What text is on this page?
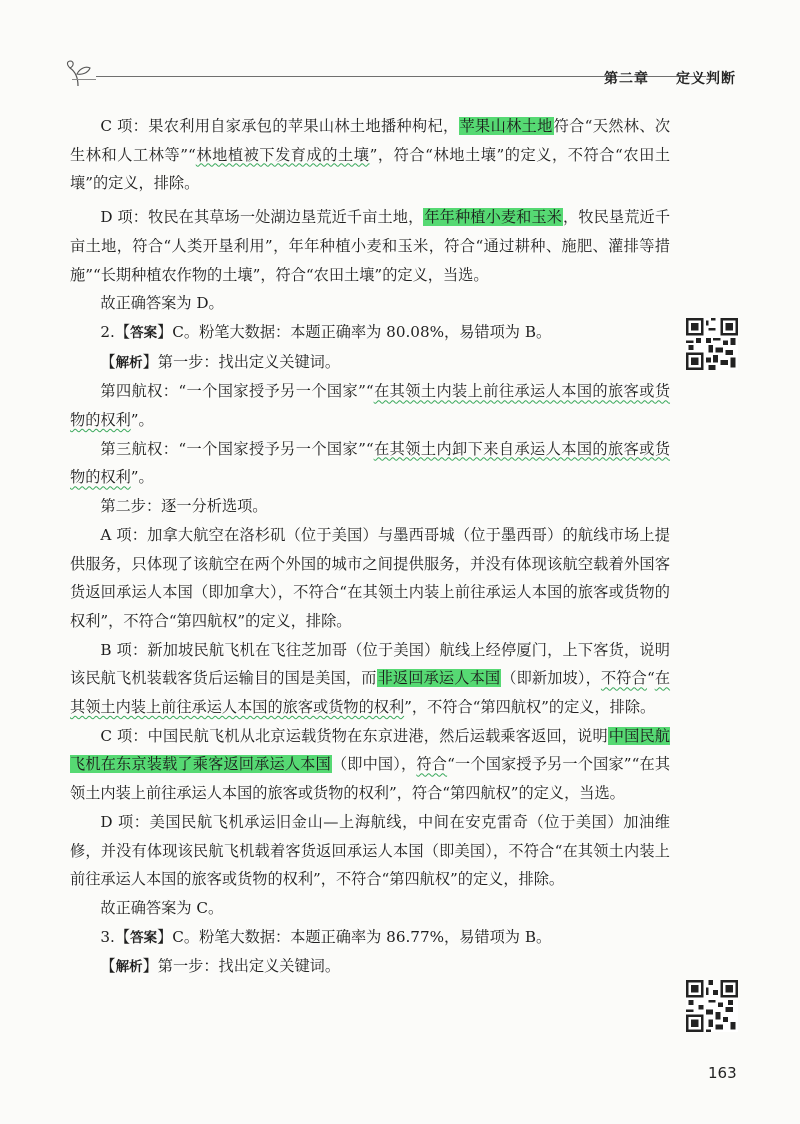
第二章 定义判断

C 项：果农利用自家承包的苹果山林土地播种枸杞，苹果山林土地符合“天然林、次生林和人工林等”“林地植被下发育成的土壤”，符合“林地土壤”的定义，不符合“农田土壤”的定义，排除。

D 项：牧民在其草场一处湖边垦荒近千亩土地，年年种植小麦和玉米，牧民垦荒近千亩土地，符合“人类开垦利用”，年年种植小麦和玉米，符合“通过耕种、施肥、灌排等措施”“长期种植农作物的土壤”，符合“农田土壤”的定义，当选。

故正确答案为 D。

2.【答案】C。粉笔大数据：本题正确率为 80.08%，易错项为 B。

【解析】第一步：找出定义关键词。

第四航权：“一个国家授予另一个国家”“在其领土内装上前往承运人本国的旅客或货物的权利”。

第三航权：“一个国家授予另一个国家”“在其领土内卸下来自承运人本国的旅客或货物的权利”。

第二步：逐一分析选项。

A 项：加拿大航空在洛杉矶（位于美国）与墨西哥城（位于墨西哥）的航线市场上提供服务，只体现了该航空在两个外国的城市之间提供服务，并没有体现该航空载着外国客货返回承运人本国（即加拿大），不符合“在其领土内装上前往承运人本国的旅客或货物的权利”，不符合“第四航权”的定义，排除。

B 项：新加坡民航飞机在飞往芝加哥（位于美国）航线上经停厦门，上下客货，说明该民航飞机装载客货后运输目的国是美国，而非返回承运人本国（即新加坡），不符合“在其领土内装上前往承运人本国的旅客或货物的权利”，不符合“第四航权”的定义，排除。

C 项：中国民航飞机从北京运载货物在东京进港，然后运载乘客返回，说明中国民航飞机在东京装载了乘客返回承运人本国（即中国），符合“一个国家授予另一个国家”“在其领土内装上前往承运人本国的旅客或货物的权利”，符合“第四航权”的定义，当选。

D 项：美国民航飞机承运旧金山—上海航线，中间在安克雷奇（位于美国）加油维修，并没有体现该民航飞机载着客货返回承运人本国（即美国），不符合“在其领土内装上前往承运人本国的旅客或货物的权利”，不符合“第四航权”的定义，排除。

故正确答案为 C。

3.【答案】C。粉笔大数据：本题正确率为 86.77%，易错项为 B。

【解析】第一步：找出定义关键词。

163
